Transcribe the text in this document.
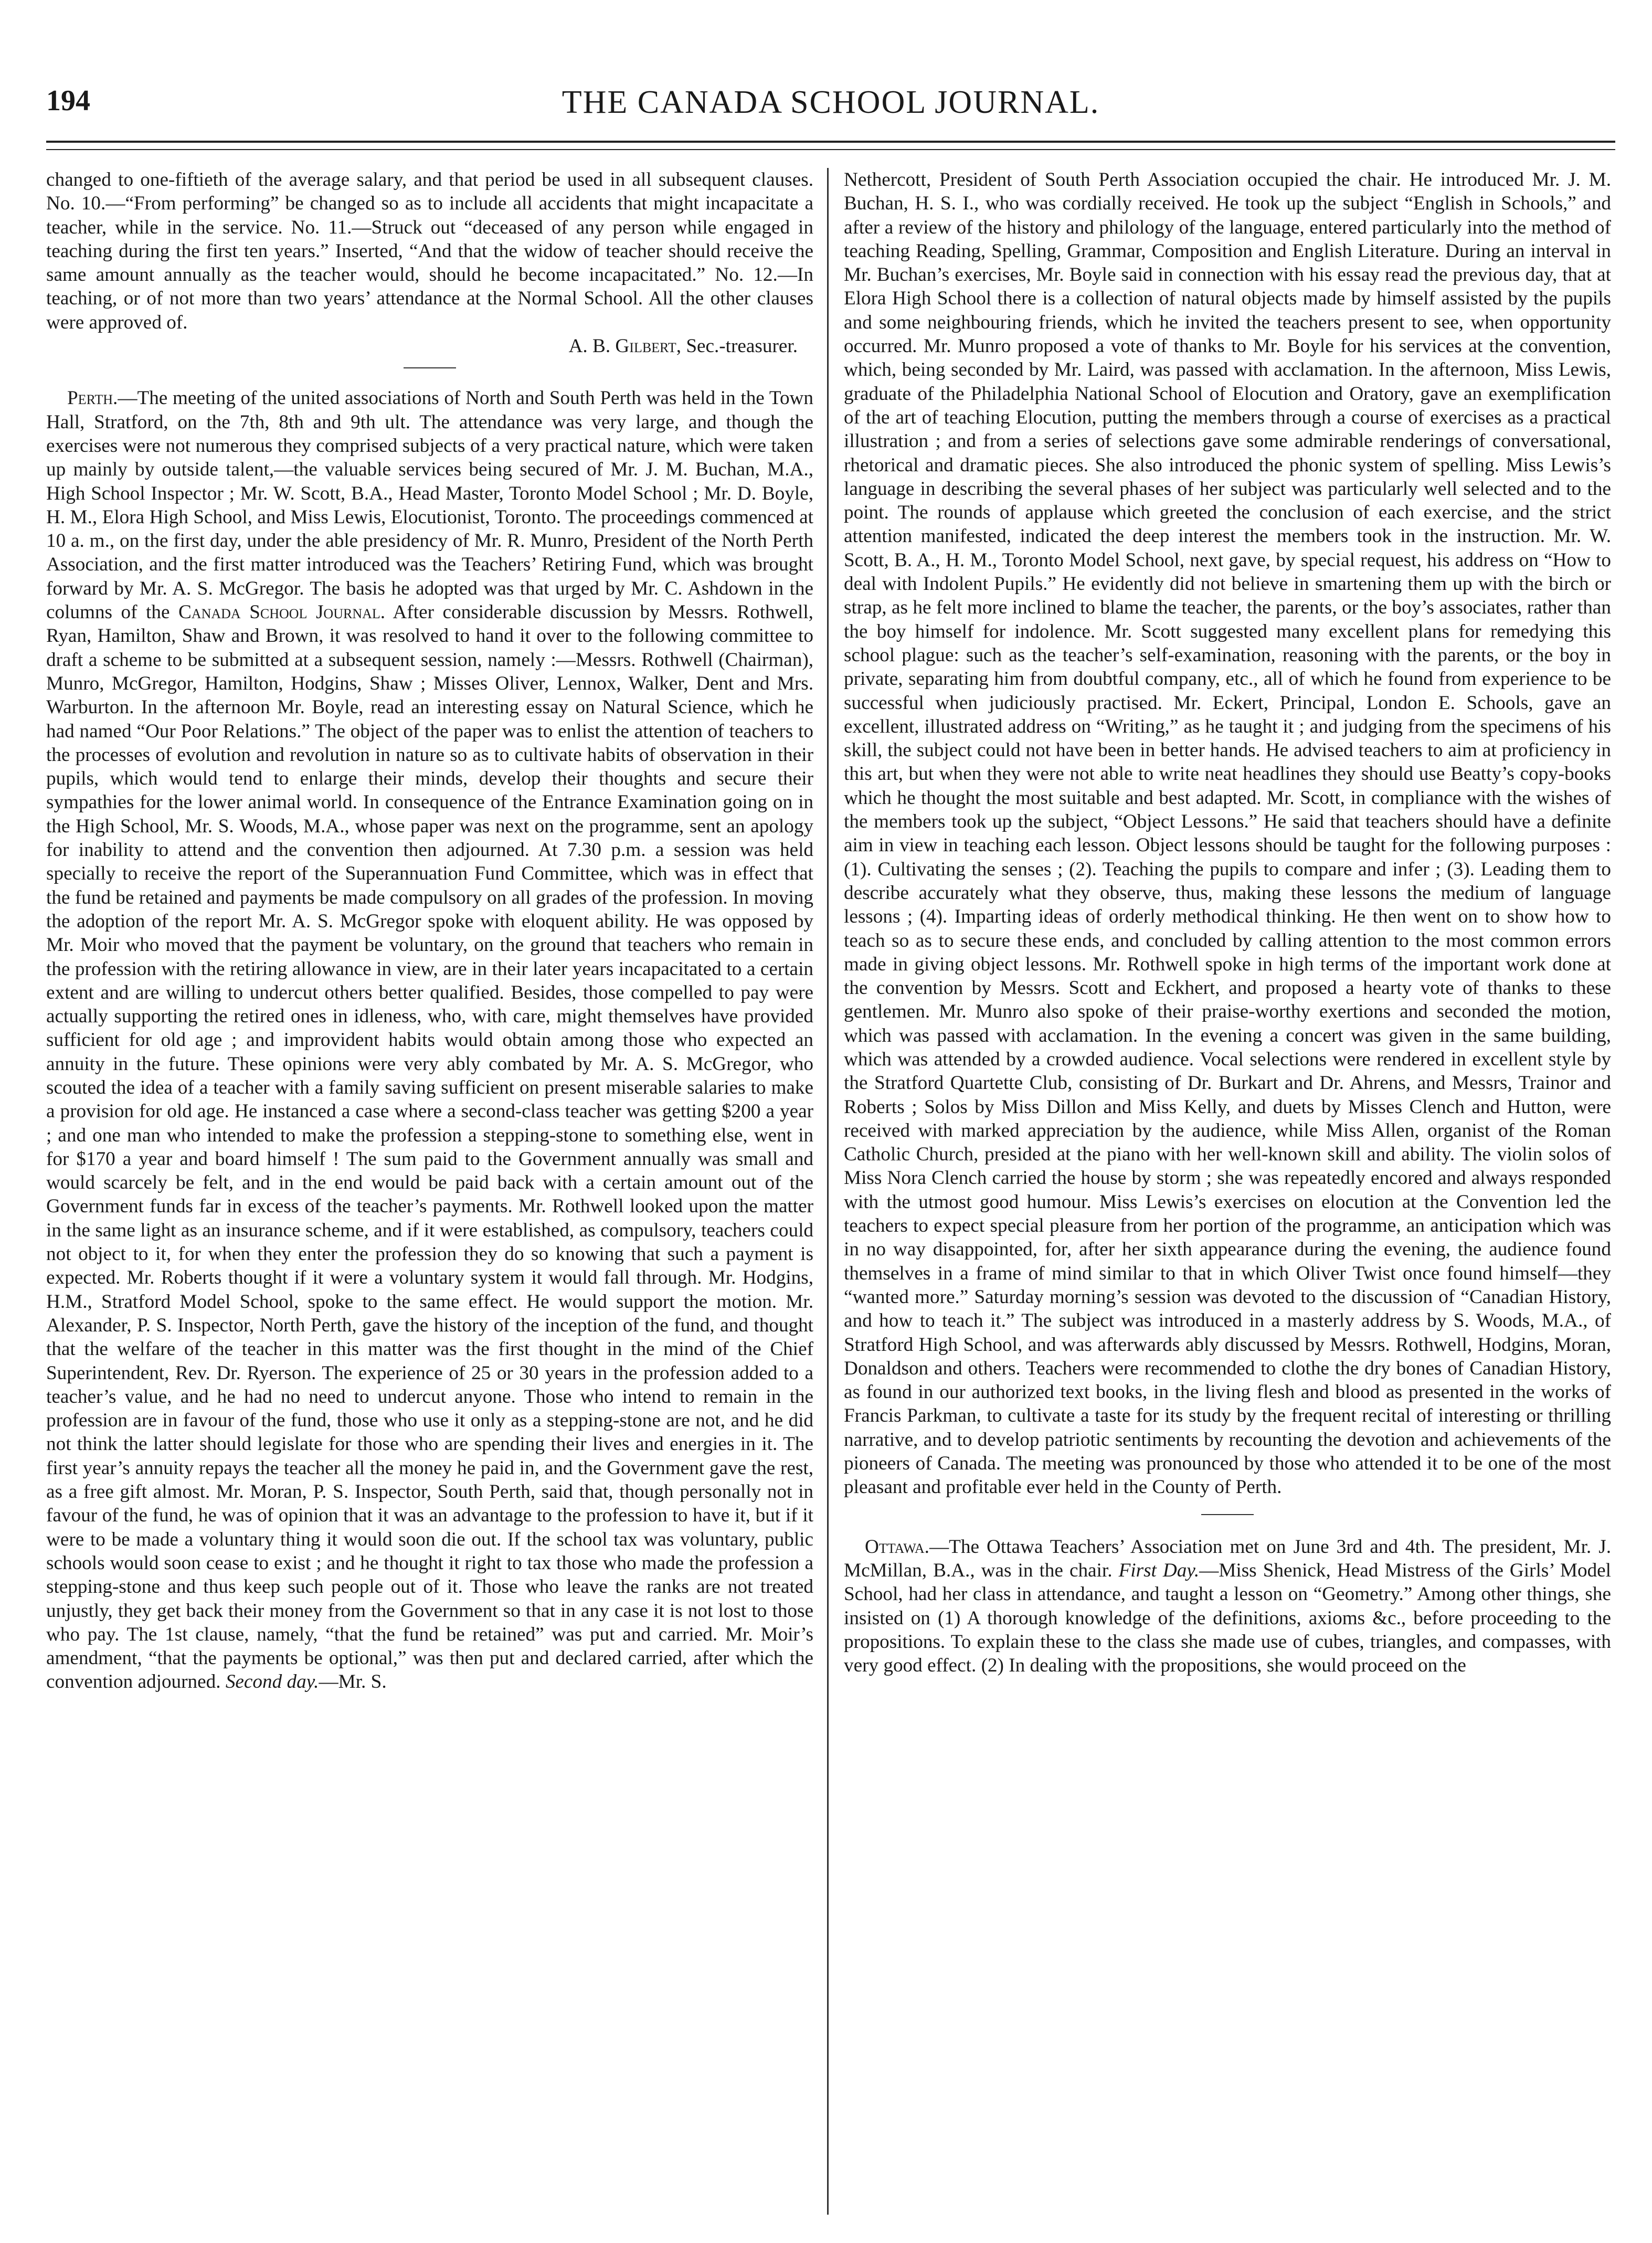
194	THE CANADA SCHOOL JOURNAL.

changed to one-fiftieth of the average salary, and that period be used in all subsequent clauses. No. 10.—“From performing” be changed so as to include all accidents that might incapacitate a teacher, while in the service. No. 11.—Struck out “deceased of any person while engaged in teaching during the first ten years.” Inserted, “And that the widow of teacher should receive the same amount annually as the teacher would, should he become incapacitated.” No. 12.—In teaching, or of not more than two years’ attendance at the Normal School. All the other clauses were approved of.

A. B. Gilbert, Sec.-treasurer.

Perth.—The meeting of the united associations of North and South Perth was held in the Town Hall, Stratford, on the 7th, 8th and 9th ult. The attendance was very large, and though the exercises were not numerous they comprised subjects of a very practical nature, which were taken up mainly by outside talent,—the valuable services being secured of Mr. J. M. Buchan, M.A., High School Inspector ; Mr. W. Scott, B.A., Head Master, Toronto Model School ; Mr. D. Boyle, H. M., Elora High School, and Miss Lewis, Elocutionist, Toronto. The proceedings commenced at 10 a. m., on the first day, under the able presidency of Mr. R. Munro, President of the North Perth Association, and the first matter introduced was the Teachers’ Retiring Fund, which was brought forward by Mr. A. S. McGregor. The basis he adopted was that urged by Mr. C. Ashdown in the columns of the Canada School Journal. After considerable discussion by Messrs. Rothwell, Ryan, Hamilton, Shaw and Brown, it was resolved to hand it over to the following committee to draft a scheme to be submitted at a subsequent session, namely :—Messrs. Rothwell (Chairman), Munro, McGregor, Hamilton, Hodgins, Shaw ; Misses Oliver, Lennox, Walker, Dent and Mrs. Warburton. In the afternoon Mr. Boyle, read an interesting essay on Natural Science, which he had named “Our Poor Relations.” The object of the paper was to enlist the attention of teachers to the processes of evolution and revolution in nature so as to cultivate habits of observation in their pupils, which would tend to enlarge their minds, develop their thoughts and secure their sympathies for the lower animal world. In consequence of the Entrance Examination going on in the High School, Mr. S. Woods, M.A., whose paper was next on the programme, sent an apology for inability to attend and the convention then adjourned. At 7.30 p.m. a session was held specially to receive the report of the Superannuation Fund Committee, which was in effect that the fund be retained and payments be made compulsory on all grades of the profession. In moving the adoption of the report Mr. A. S. McGregor spoke with eloquent ability. He was opposed by Mr. Moir who moved that the payment be voluntary, on the ground that teachers who remain in the profession with the retiring allowance in view, are in their later years incapacitated to a certain extent and are willing to undercut others better qualified. Besides, those compelled to pay were actually supporting the retired ones in idleness, who, with care, might themselves have provided sufficient for old age ; and improvident habits would obtain among those who expected an annuity in the future. These opinions were very ably combated by Mr. A. S. McGregor, who scouted the idea of a teacher with a family saving sufficient on present miserable salaries to make a provision for old age. He instanced a case where a second-class teacher was getting $200 a year ; and one man who intended to make the profession a stepping-stone to something else, went in for $170 a year and board himself ! The sum paid to the Government annually was small and would scarcely be felt, and in the end would be paid back with a certain amount out of the Government funds far in excess of the teacher’s payments. Mr. Rothwell looked upon the matter in the same light as an insurance scheme, and if it were established, as compulsory, teachers could not object to it, for when they enter the profession they do so knowing that such a payment is expected. Mr. Roberts thought if it were a voluntary system it would fall through. Mr. Hodgins, H.M., Stratford Model School, spoke to the same effect. He would support the motion. Mr. Alexander, P. S. Inspector, North Perth, gave the history of the inception of the fund, and thought that the welfare of the teacher in this matter was the first thought in the mind of the Chief Superintendent, Rev. Dr. Ryerson. The experience of 25 or 30 years in the profession added to a teacher’s value, and he had no need to undercut anyone. Those who intend to remain in the profession are in favour of the fund, those who use it only as a stepping-stone are not, and he did not think the latter should legislate for those who are spending their lives and energies in it. The first year’s annuity repays the teacher all the money he paid in, and the Government gave the rest, as a free gift almost. Mr. Moran, P. S. Inspector, South Perth, said that, though personally not in favour of the fund, he was of opinion that it was an advantage to the profession to have it, but if it were to be made a voluntary thing it would soon die out. If the school tax was voluntary, public schools would soon cease to exist ; and he thought it right to tax those who made the profession a stepping-stone and thus keep such people out of it. Those who leave the ranks are not treated unjustly, they get back their money from the Government so that in any case it is not lost to those who pay. The 1st clause, namely, “that the fund be retained” was put and carried. Mr. Moir’s amendment, “that the payments be optional,” was then put and declared carried, after which the convention adjourned. Second day.—Mr. S.

Nethercott, President of South Perth Association occupied the chair. He introduced Mr. J. M. Buchan, H. S. I., who was cordially received. He took up the subject “English in Schools,” and after a review of the history and philology of the language, entered particularly into the method of teaching Reading, Spelling, Grammar, Composition and English Literature. During an interval in Mr. Buchan’s exercises, Mr. Boyle said in connection with his essay read the previous day, that at Elora High School there is a collection of natural objects made by himself assisted by the pupils and some neighbouring friends, which he invited the teachers present to see, when opportunity occurred. Mr. Munro proposed a vote of thanks to Mr. Boyle for his services at the convention, which, being seconded by Mr. Laird, was passed with acclamation. In the afternoon, Miss Lewis, graduate of the Philadelphia National School of Elocution and Oratory, gave an exemplification of the art of teaching Elocution, putting the members through a course of exercises as a practical illustration ; and from a series of selections gave some admirable renderings of conversational, rhetorical and dramatic pieces. She also introduced the phonic system of spelling. Miss Lewis’s language in describing the several phases of her subject was particularly well selected and to the point. The rounds of applause which greeted the conclusion of each exercise, and the strict attention manifested, indicated the deep interest the members took in the instruction. Mr. W. Scott, B. A., H. M., Toronto Model School, next gave, by special request, his address on “How to deal with Indolent Pupils.” He evidently did not believe in smartening them up with the birch or strap, as he felt more inclined to blame the teacher, the parents, or the boy’s associates, rather than the boy himself for indolence. Mr. Scott suggested many excellent plans for remedying this school plague: such as the teacher’s self-examination, reasoning with the parents, or the boy in private, separating him from doubtful company, etc., all of which he found from experience to be successful when judiciously practised. Mr. Eckert, Principal, London E. Schools, gave an excellent, illustrated address on “Writing,” as he taught it ; and judging from the specimens of his skill, the subject could not have been in better hands. He advised teachers to aim at proficiency in this art, but when they were not able to write neat headlines they should use Beatty’s copy-books which he thought the most suitable and best adapted. Mr. Scott, in compliance with the wishes of the members took up the subject, “Object Lessons.” He said that teachers should have a definite aim in view in teaching each lesson. Object lessons should be taught for the following purposes : (1). Cultivating the senses ; (2). Teaching the pupils to compare and infer ; (3). Leading them to describe accurately what they observe, thus, making these lessons the medium of language lessons ; (4). Imparting ideas of orderly methodical thinking. He then went on to show how to teach so as to secure these ends, and concluded by calling attention to the most common errors made in giving object lessons. Mr. Rothwell spoke in high terms of the important work done at the convention by Messrs. Scott and Eckhert, and proposed a hearty vote of thanks to these gentlemen. Mr. Munro also spoke of their praise-worthy exertions and seconded the motion, which was passed with acclamation. In the evening a concert was given in the same building, which was attended by a crowded audience. Vocal selections were rendered in excellent style by the Stratford Quartette Club, consisting of Dr. Burkart and Dr. Ahrens, and Messrs, Trainor and Roberts ; Solos by Miss Dillon and Miss Kelly, and duets by Misses Clench and Hutton, were received with marked appreciation by the audience, while Miss Allen, organist of the Roman Catholic Church, presided at the piano with her well-known skill and ability. The violin solos of Miss Nora Clench carried the house by storm ; she was repeatedly encored and always responded with the utmost good humour. Miss Lewis’s exercises on elocution at the Convention led the teachers to expect special pleasure from her portion of the programme, an anticipation which was in no way disappointed, for, after her sixth appearance during the evening, the audience found themselves in a frame of mind similar to that in which Oliver Twist once found himself—they “wanted more.” Saturday morning’s session was devoted to the discussion of “Canadian History, and how to teach it.” The subject was introduced in a masterly address by S. Woods, M.A., of Stratford High School, and was afterwards ably discussed by Messrs. Rothwell, Hodgins, Moran, Donaldson and others. Teachers were recommended to clothe the dry bones of Canadian History, as found in our authorized text books, in the living flesh and blood as presented in the works of Francis Parkman, to cultivate a taste for its study by the frequent recital of interesting or thrilling narrative, and to develop patriotic sentiments by recounting the devotion and achievements of the pioneers of Canada. The meeting was pronounced by those who attended it to be one of the most pleasant and profitable ever held in the County of Perth.

Ottawa.—The Ottawa Teachers’ Association met on June 3rd and 4th. The president, Mr. J. McMillan, B.A., was in the chair. First Day.—Miss Shenick, Head Mistress of the Girls’ Model School, had her class in attendance, and taught a lesson on “Geometry.” Among other things, she insisted on (1) A thorough knowledge of the definitions, axioms &c., before proceeding to the propositions. To explain these to the class she made use of cubes, triangles, and compasses, with very good effect. (2) In dealing with the propositions, she would proceed on the
